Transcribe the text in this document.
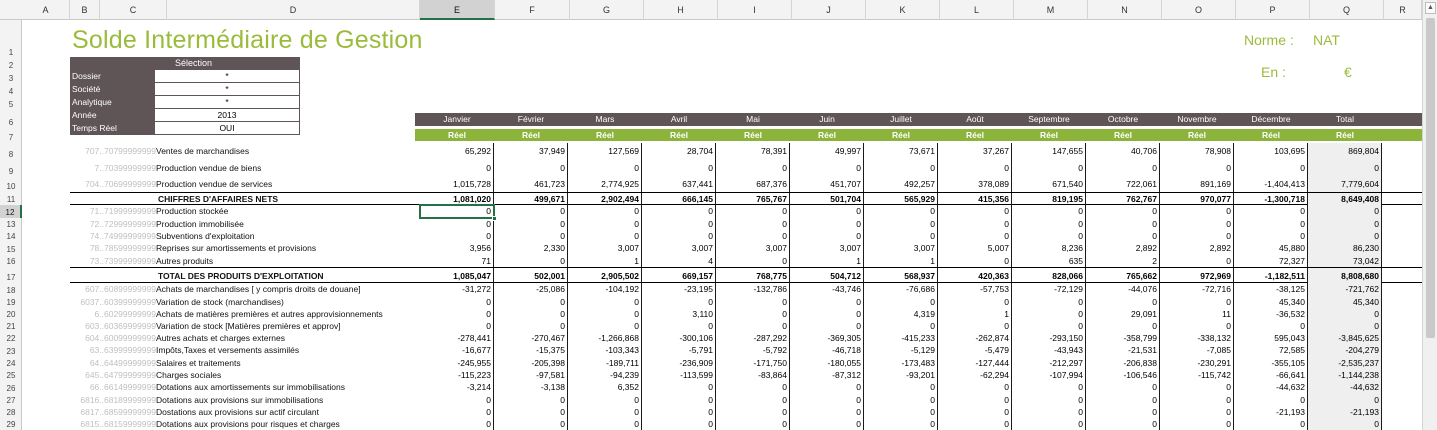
A	B	C	D	E	F	G	H	I	J	K	L	M	N	O	P	Q	R
1
2
3
4
5
6
7
8
9
10
11
12
13
14
15
16
17
18
19
20
21
22
23
24
25
26
27
28
29
▲
Solde Intermédiaire de Gestion	Norme : NAT
En :	€
Sélection
Dossier	*
Société	*
Analytique	*
Année	2013
Temps Réel	OUI
Janvier	Février	Mars	Avril	Mai	Juin	Juillet	Août	Septembre	Octobre	Novembre	Décembre	Total
Réel	Réel	Réel	Réel	Réel	Réel	Réel	Réel	Réel	Réel	Réel	Réel	Réel
707..70799999999 Ventes de marchandises	65,292	37,949	127,569	28,704	78,391	49,997	73,671	37,267	147,655	40,706	78,908	103,695	869,804
7..70399999999 Production vendue de biens	0	0	0	0	0	0	0	0	0	0	0	0	0
704..70699999999 Production vendue de services	1,015,728	461,723	2,774,925	637,441	687,376	451,707	492,257	378,089	671,540	722,061	891,169	-1,404,413	7,779,604
CHIFFRES D'AFFAIRES NETS	1,081,020	499,671	2,902,494	666,145	765,767	501,704	565,929	415,356	819,195	762,767	970,077	-1,300,718	8,649,408
71..71999999999 Production stockée	0	0	0	0	0	0	0	0	0	0	0	0	0
72..72999999999 Production immobilisée	0	0	0	0	0	0	0	0	0	0	0	0	0
74..74999999999 Subventions d'exploitation	0	0	0	0	0	0	0	0	0	0	0	0	0
78..78599999999 Reprises sur amortissements et provisions	3,956	2,330	3,007	3,007	3,007	3,007	3,007	5,007	8,236	2,892	2,892	45,880	86,230
73..73999999999 Autres produits	71	0	1	4	0	1	1	0	635	2	0	72,327	73,042
TOTAL DES PRODUITS D'EXPLOITATION	1,085,047	502,001	2,905,502	669,157	768,775	504,712	568,937	420,363	828,066	765,662	972,969	-1,182,511	8,808,680
607..60899999999 Achats de marchandises [ y compris droits de douane]	-31,272	-25,086	-104,192	-23,195	-132,786	-43,746	-76,686	-57,753	-72,129	-44,076	-72,716	-38,125	-721,762
6037..60399999999 Variation de stock (marchandises)	0	0	0	0	0	0	0	0	0	0	0	45,340	45,340
6..60299999999 Achats de matières premières et autres approvisionnements	0	0	0	3,110	0	0	4,319	1	0	29,091	11	-36,532	0
603..60369999999 Variation de stock [Matières premières et approv]	0	0	0	0	0	0	0	0	0	0	0	0	0
604..60099999999 Autres achats et charges externes	-278,441	-270,467	-1,266,868	-300,106	-287,292	-369,305	-415,233	-262,874	-293,150	-358,799	-338,132	595,043	-3,845,625
63..63999999999 Impôts,Taxes et versements assimilés	-16,677	-15,375	-103,343	-5,791	-5,792	-46,718	-5,129	-5,479	-43,943	-21,531	-7,085	72,585	-204,279
64..64499999999 Salaires et traitements	-245,955	-205,398	-189,711	-236,909	-171,750	-180,055	-173,483	-127,444	-212,297	-206,838	-230,291	-355,105	-2,535,237
645..64799999999 Charges sociales	-115,223	-97,581	-94,239	-113,599	-83,864	-87,312	-93,201	-62,294	-107,994	-106,546	-115,742	-66,641	-1,144,238
66..66149999999 Dotations aux amortissements sur immobilisations	-3,214	-3,138	6,352	0	0	0	0	0	0	0	0	-44,632	-44,632
6816..68189999999 Dotations aux provisions sur immobilisations	0	0	0	0	0	0	0	0	0	0	0	0	0
6817..68599999999 Dostations aux provisions sur actif circulant	0	0	0	0	0	0	0	0	0	0	0	-21,193	-21,193
6815..68159999999 Dotations aux provisions pour risques et charges	0	0	0	0	0	0	0	0	0	0	0	0	0
